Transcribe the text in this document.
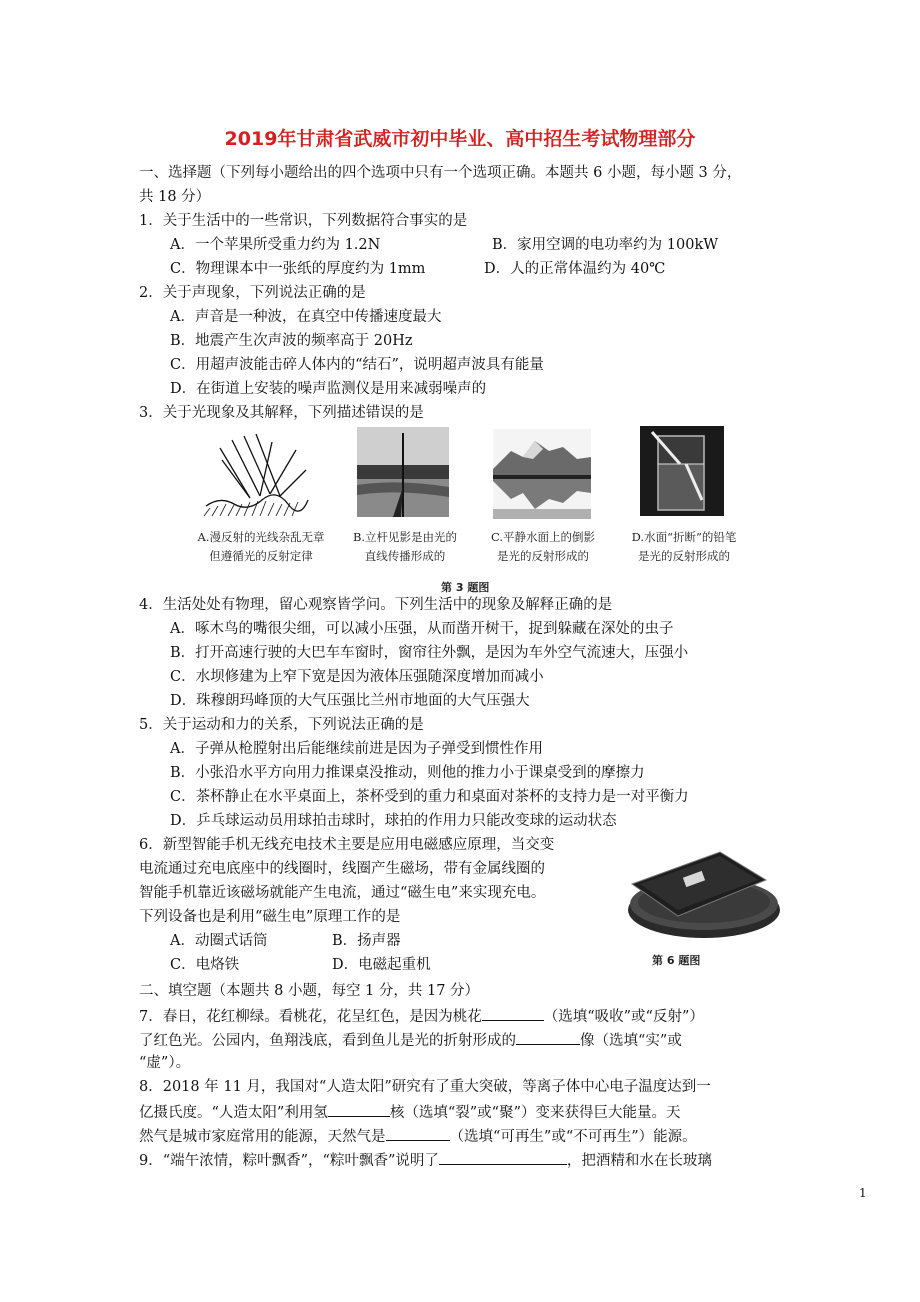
2019年甘肃省武威市初中毕业、高中招生考试物理部分
一、选择题（下列每小题给出的四个选项中只有一个选项正确。本题共 6 小题，每小题 3 分，
共 18 分）
1．关于生活中的一些常识，下列数据符合事实的是
A．一个苹果所受重力约为 1.2N	B．家用空调的电功率约为 100kW
C．物理课本中一张纸的厚度约为 1mm	D．人的正常体温约为 40℃
2．关于声现象，下列说法正确的是
A．声音是一种波，在真空中传播速度最大
B．地震产生次声波的频率高于 20Hz
C．用超声波能击碎人体内的“结石”，说明超声波具有能量
D．在街道上安装的噪声监测仪是用来减弱噪声的
3．关于光现象及其解释，下列描述错误的是
A.漫反射的光线杂乱无章
但遵循光的反射定律
B.立杆见影是由光的
直线传播形成的
C.平静水面上的倒影
是光的反射形成的
D.水面“折断”的铅笔
是光的反射形成的
第 3 题图
4．生活处处有物理，留心观察皆学问。下列生活中的现象及解释正确的是
A．啄木鸟的嘴很尖细，可以减小压强，从而凿开树干，捉到躲藏在深处的虫子
B．打开高速行驶的大巴车车窗时，窗帘往外飘，是因为车外空气流速大，压强小
C．水坝修建为上窄下宽是因为液体压强随深度增加而减小
D．珠穆朗玛峰顶的大气压强比兰州市地面的大气压强大
5．关于运动和力的关系，下列说法正确的是
A．子弹从枪膛射出后能继续前进是因为子弹受到惯性作用
B．小张沿水平方向用力推课桌没推动，则他的推力小于课桌受到的摩擦力
C．茶杯静止在水平桌面上，茶杯受到的重力和桌面对茶杯的支持力是一对平衡力
D．乒乓球运动员用球拍击球时，球拍的作用力只能改变球的运动状态
6．新型智能手机无线充电技术主要是应用电磁感应原理，当交变
电流通过充电底座中的线圈时，线圈产生磁场，带有金属线圈的
智能手机靠近该磁场就能产生电流，通过“磁生电”来实现充电。
下列设备也是利用“磁生电”原理工作的是
A．动圈式话筒	B．扬声器
C．电烙铁	D．电磁起重机	第 6 题图
二、填空题（本题共 8 小题，每空 1 分，共 17 分）
7．春日，花红柳绿。看桃花，花呈红色，是因为桃花	（选填“吸收”或“反射”）
了红色光。公园内，鱼翔浅底，看到鱼儿是光的折射形成的	像（选填“实”或
“虚”）。
8．2018 年 11 月，我国对“人造太阳”研究有了重大突破，等离子体中心电子温度达到一
亿摄氏度。“人造太阳”利用氢	核（选填“裂”或“聚”）变来获得巨大能量。天
然气是城市家庭常用的能源，天然气是	（选填“可再生”或“不可再生”）能源。
9．“端午浓情，粽叶飘香”，“粽叶飘香”说明了	，把酒精和水在长玻璃
1
